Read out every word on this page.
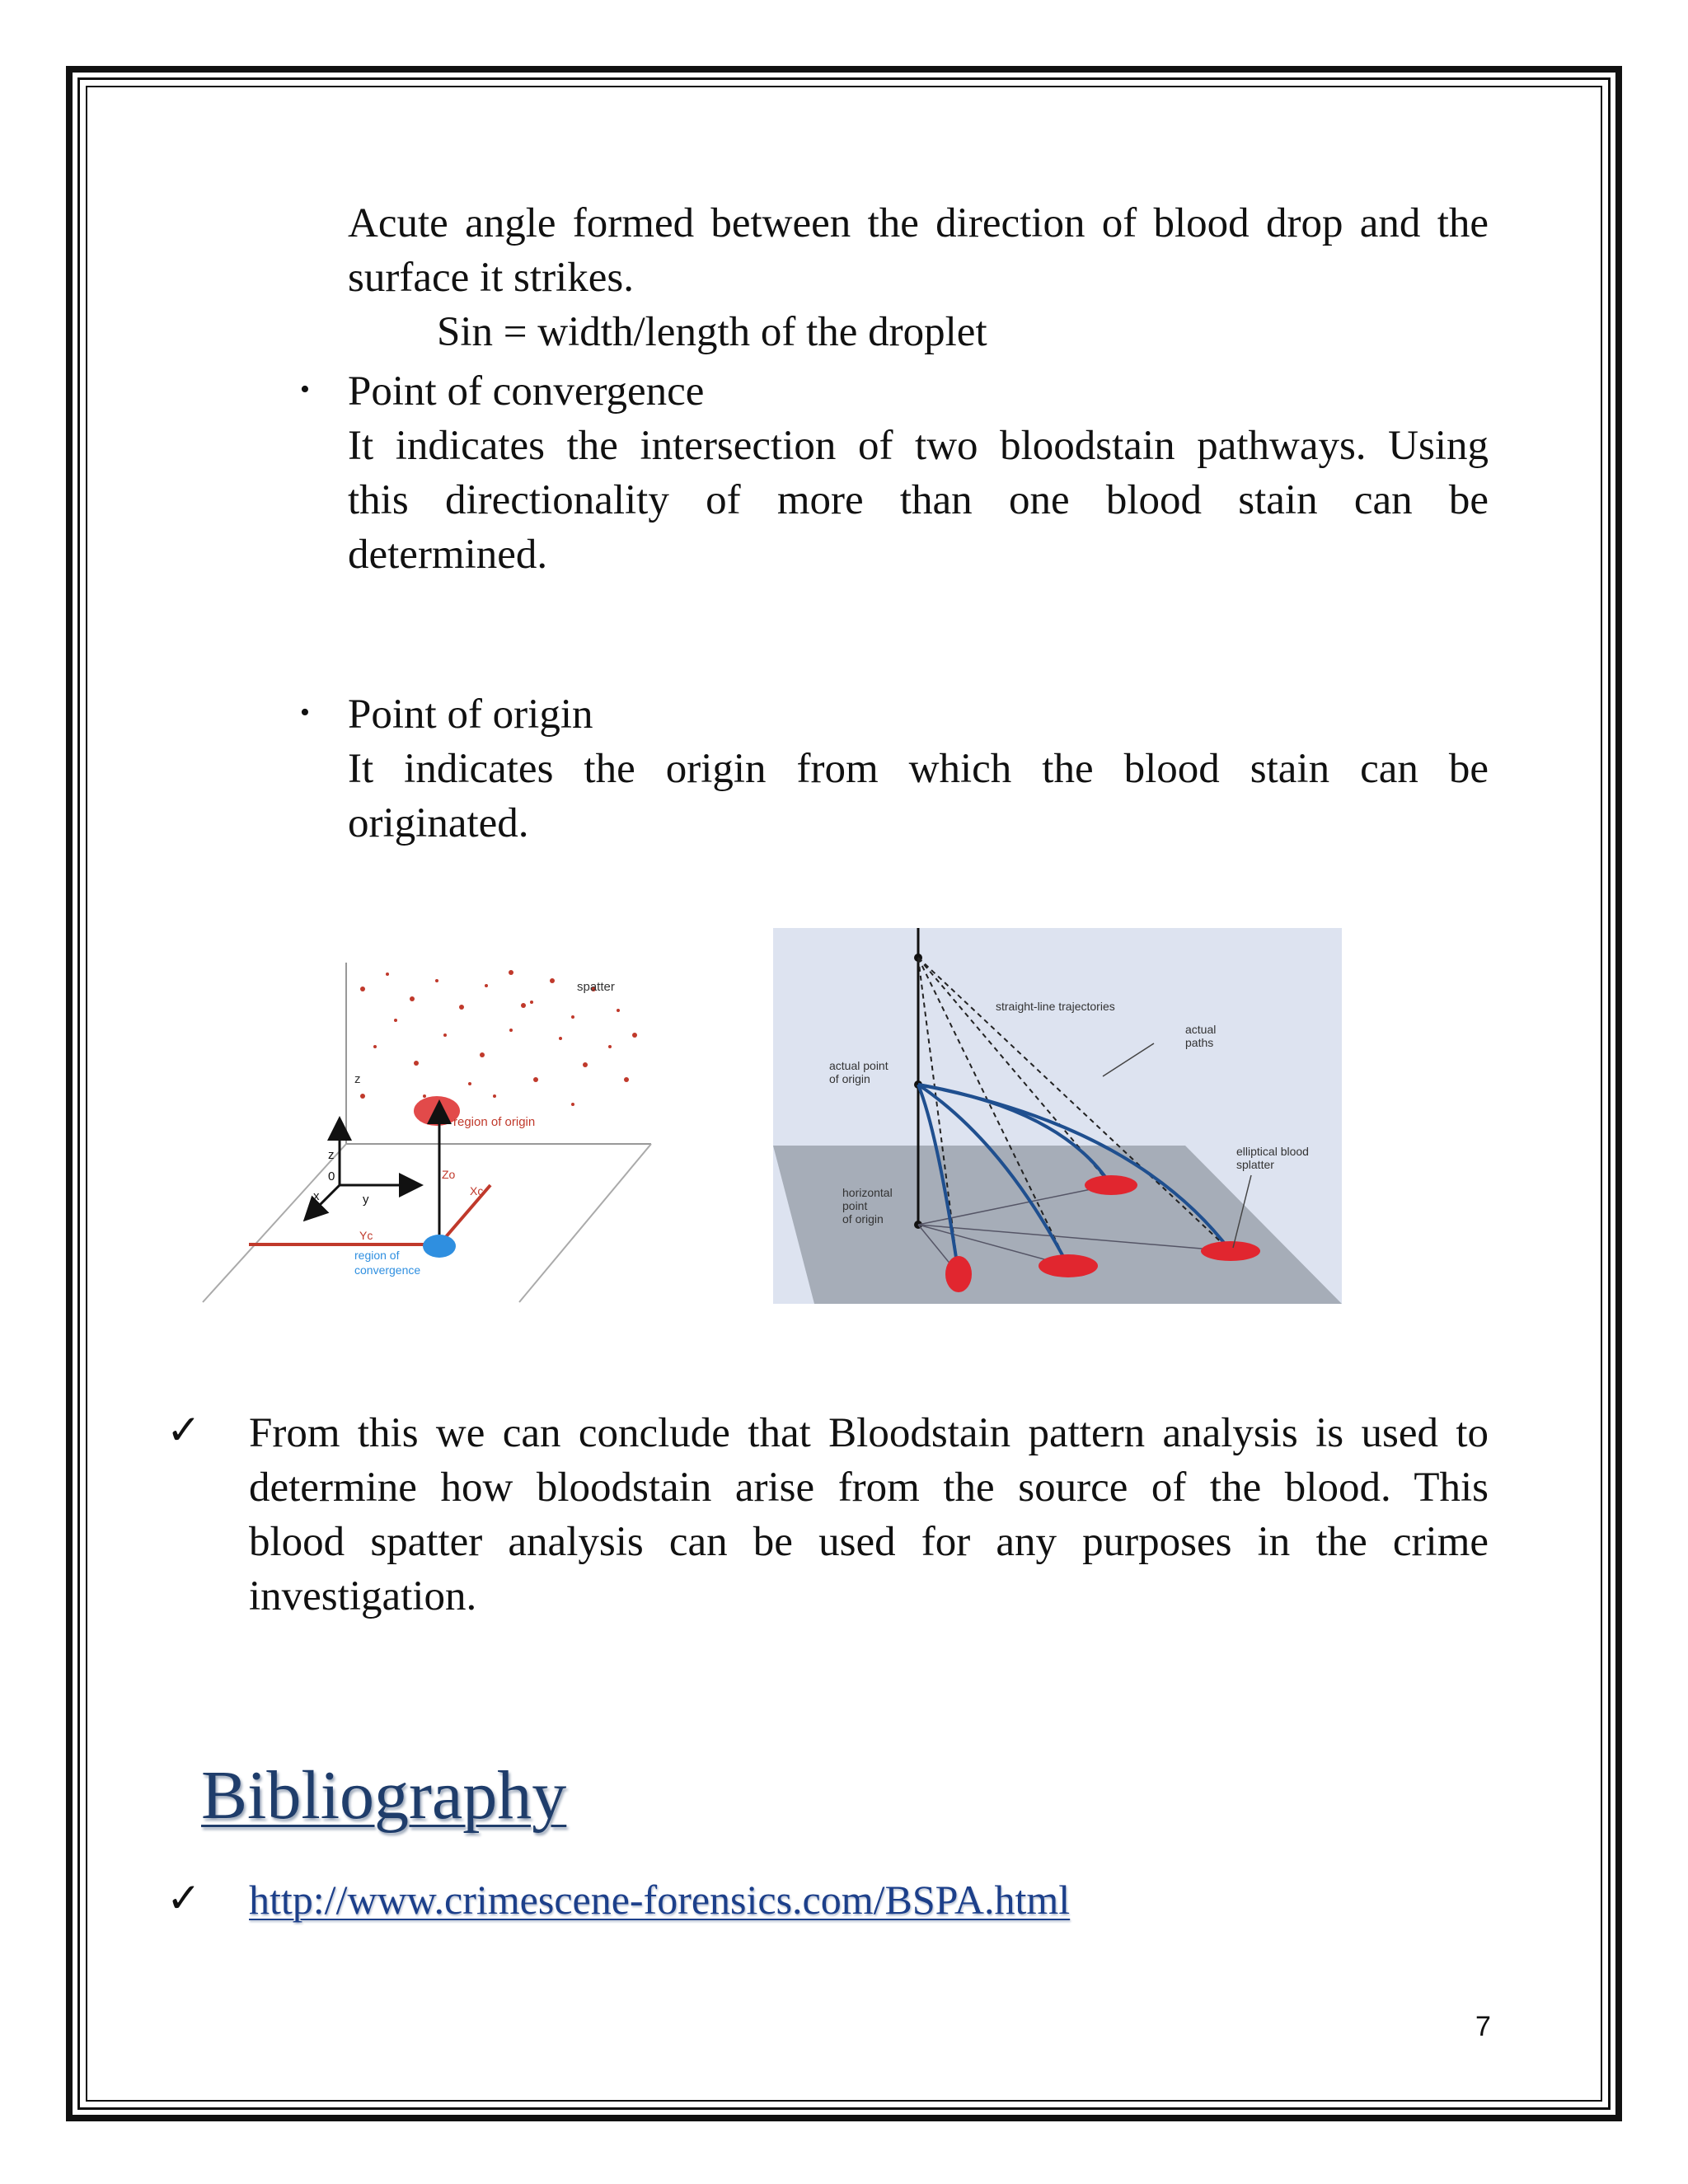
Acute angle formed between the direction of blood drop and the
surface it strikes.
Sin = width/length of the droplet
• Point of convergence
It indicates the intersection of two bloodstain pathways. Using
this directionality of more than one blood stain can be
determined.
• Point of origin
It indicates the origin from which the blood stain can be
originated.
spatter
region of origin
z
z
0
x	y
Zo
Xc
Yc
region of
convergence
straight-line trajectories
actual point
of origin
actual
paths
elliptical blood
splatter
horizontal
point
of origin
✓ From this we can conclude that Bloodstain pattern analysis is used to
determine how bloodstain arise from the source of the blood. This
blood spatter analysis can be used for any purposes in the crime
investigation.
Bibliography
✓ http://www.crimescene-forensics.com/BSPA.html
7
